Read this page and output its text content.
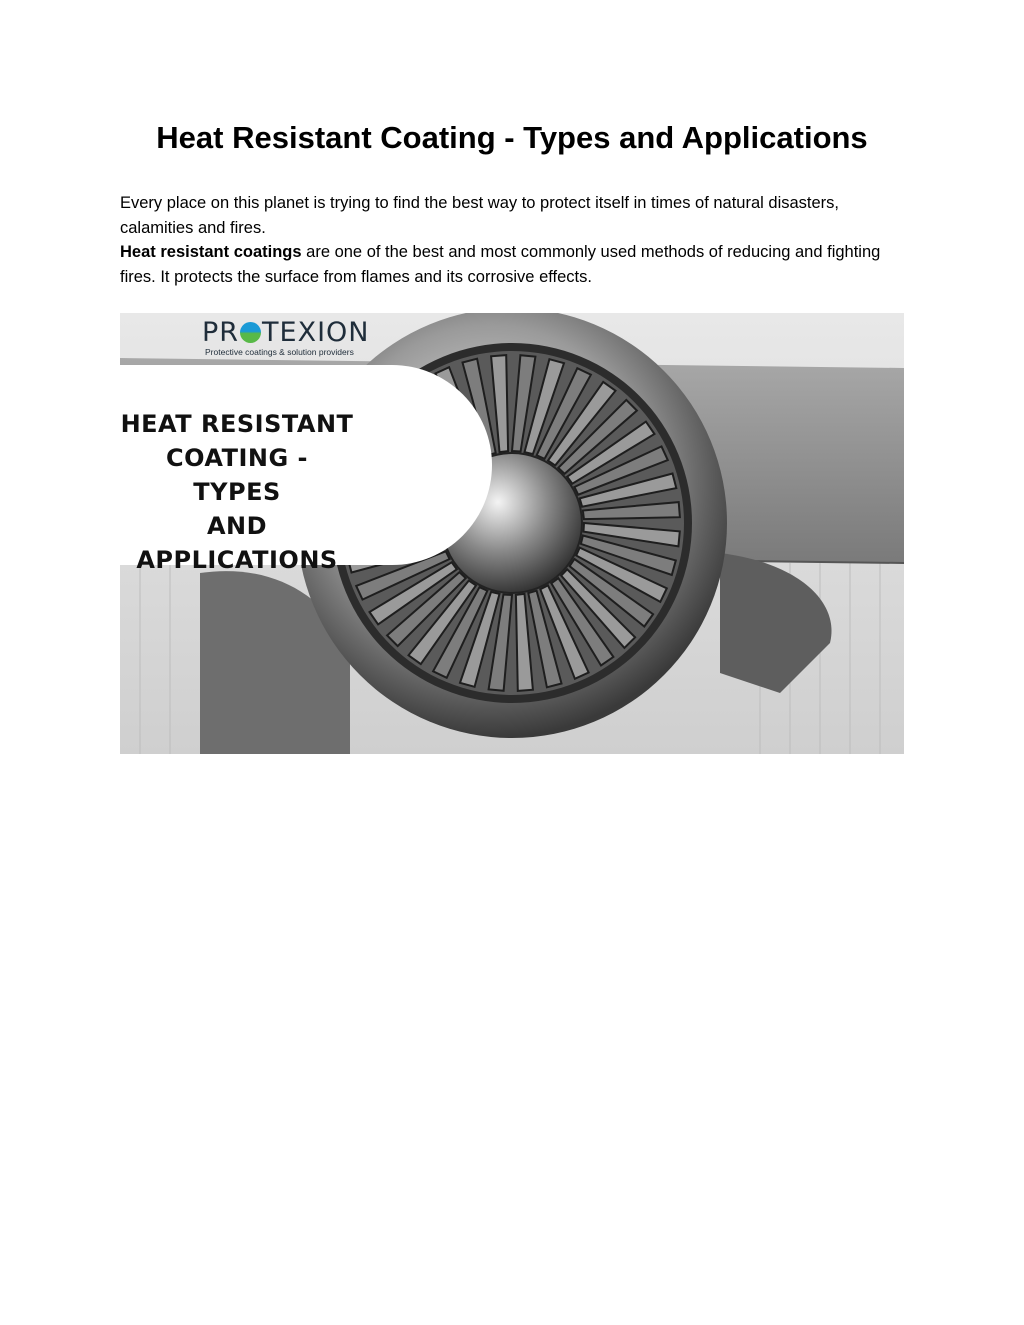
Heat Resistant Coating - Types and Applications

Every place on this planet is trying to find the best way to protect itself in times of natural disasters, calamities and fires.

Heat resistant coatings are one of the best and most commonly used methods of reducing and fighting fires. It protects the surface from flames and its corrosive effects.

HEAT RESISTANT
COATING - TYPES
AND
APPLICATIONS
PR TEXION
Protective coatings & solution providers
